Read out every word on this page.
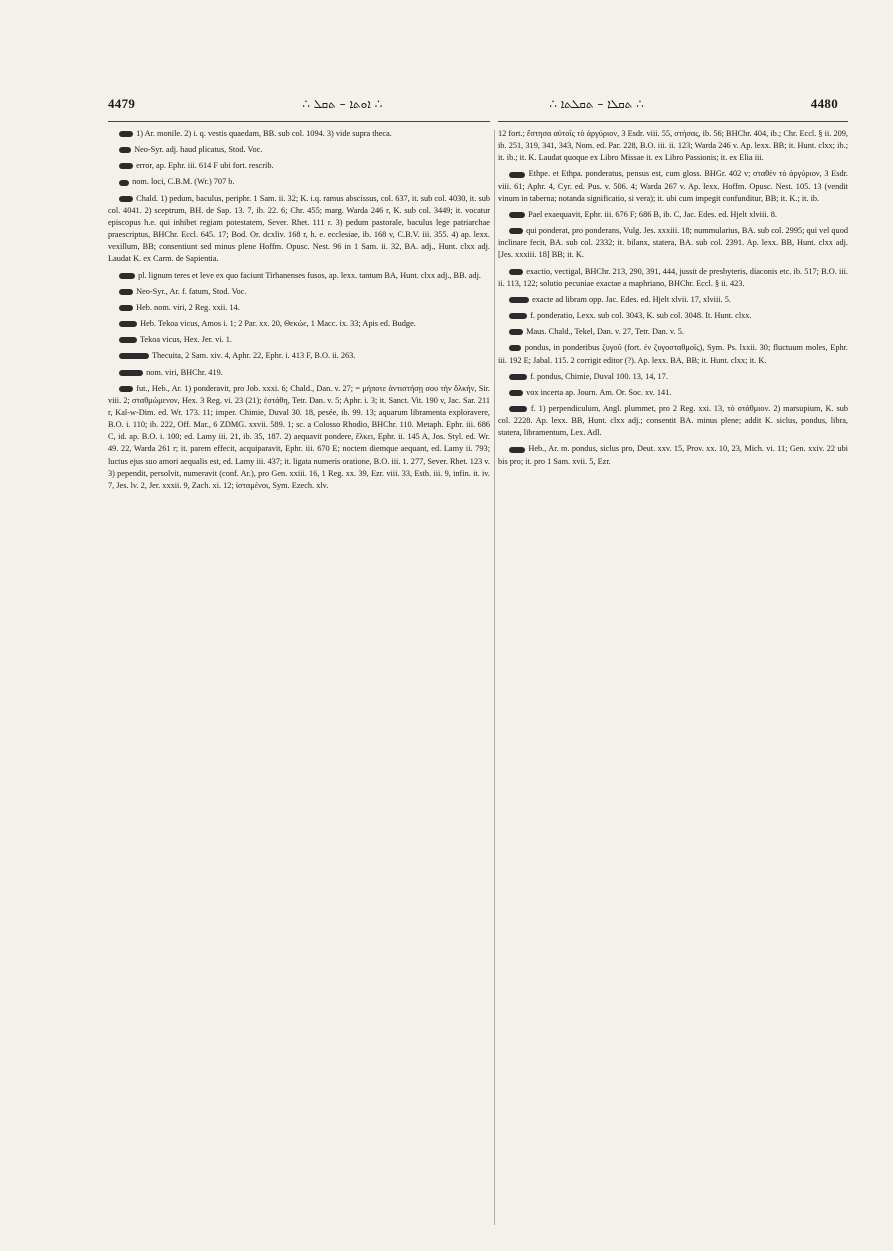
4479	∴ ܐܘܬܐ – ܬܩܠ ∴	∴ ܬܩܠܐ – ܬܩܠܬܐ ∴	4480

1) Ar. monile. 2) i. q. vestis quaedam, BB. sub col. 1094. 3) vide supra theca.

Neo-Syr. adj. haud plicatus, Stod. Voc.

error, ap. Ephr. iii. 614 F ubi fort. rescrib.

nom. loci, C.B.M. (Wr.) 707 b.

Chald. 1) pedum, baculus, periphr. 1 Sam. ii. 32; K. i.q. ramus abscissus, col. 637, it. sub col. 4030, it. sub col. 4041. 2) sceptrum, BH. de Sap. 13. 7, ib. 22. 6; Chr. 455; marg. Warda 246 r, K. sub col. 3449; it. vocatur episcopus h.e. qui inhibet regiam potestatem, Sever. Rhet. 111 r. 3) pedum pastorale, baculus lege patriarchae praescriptus, BHChr. Eccl. 645. 17; Bod. Or. dcxliv. 168 r, h. e. ecclesiae, ib. 168 v, C.B.V. iii. 355. 4) ap. lexx. vexillum, BB; consentiunt sed minus plene Hoffm. Opusc. Nest. 96 in 1 Sam. ii. 32, BA. adj., Hunt. clxx adj. Laudat K. ex Carm. de Sapientia.

pl. lignum teres et leve ex quo faciunt Tirhanenses fusos, ap. lexx. tantum BA, Hunt. clxx adj., BB. adj.

Neo-Syr., Ar. f. fatum, Stod. Voc.

Heb. nom. viri, 2 Reg. xxii. 14.

Heb. Tekoa vicus, Amos i. 1; 2 Par. xx. 20, Θεκώε, 1 Macc. ix. 33; Apis ed. Budge.

Tekoa vicus, Hex. Jer. vi. 1.

Thecuita, 2 Sam. xiv. 4, Aphr. 22, Ephr. i. 413 F, B.O. ii. 263.

nom. viri, BHChr. 419.

fut., Heb., Ar. 1) ponderavit, pro Job. xxxi. 6; Chald., Dan. v. 27; = μήποτε ἀντιστήσῃ σου τὴν ὅλκήν, Sir. viii. 2; σταθμώμενον, Hex. 3 Reg. vi. 23 (21); ἐστάθη, Tetr. Dan. v. 5; Aphr. i. 3; it. Sanct. Vit. 190 v, Jac. Sar. 211 r, Kal-w-Dim. ed. Wr. 173. 11; imper. Chimie, Duval 30. 18, pesée, ib. 99. 13; aquarum libramenta exploravere, B.O. i. 110; ib. 222, Off. Mar., 6 ZDMG. xxvii. 589. 1; sc. a Colosso Rhodio, BHChr. 110. Metaph. Ephr. iii. 686 C, id. ap. B.O. i. 100; ed. Lamy iii. 21, ib. 35, 187. 2) aequavit pondere, ἕλκει, Ephr. ii. 145 A, Jos. Styl. ed. Wr. 49. 22, Warda 261 r; it. parem effecit, acquiparavit, Ephr. iii. 670 E; noctem diemque aequant, ed. Lamy ii. 793; luctus ejus suo amori aequalis est, ed. Lamy iii. 437; it. ligata numeris oratione, B.O. iii. 1. 277, Sever. Rhet. 123 v. 3) pependit, persolvit, numeravit (conf. Ar.), pro Gen. xxiii. 16, 1 Reg. xx. 39, Ezr. viii. 33, Esth. iii. 9, infin. it. iv. 7, Jes. lv. 2, Jer. xxxii. 9, Zach. xi. 12; ἱσταμένοι, Sym. Ezech. xlv.

12 fort.; ἔστησα αὐτοῖς τὸ ἀργύριον, 3 Esdr. viii. 55, στήσας, ib. 56; BHChr. 404, ib.; Chr. Eccl. § ii. 209, ib. 251, 319, 341, 343, Nom. ed. Par. 228, B.O. iii. ii. 123; Warda 246 v. Ap. lexx. BB; it. Hunt. clxx; ib.; it. ib.; it. K. Laudat quoque ex Libro Missae it. ex Libro Passionis; it. ex Elia iii.

Ethpe. et Ethpa. ponderatus, pensus est, cum gloss. BHGr. 402 v; σταθὲν τὸ ἀργύριον, 3 Esdr. viii. 61; Aphr. 4, Cyr. ed. Pus. v. 506. 4; Warda 267 v. Ap. lexx. Hoffm. Opusc. Nest. 105. 13 (vendit vinum in taberna; notanda significatio, si vera); it. ubi cum impegit confunditur, BB; it. K.; it. ib.

Pael exaequavit, Ephr. iii. 676 F; 686 B, ib. C, Jac. Edes. ed. Hjelt xlviii. 8.

qui ponderat, pro ponderans, Vulg. Jes. xxxiii. 18; nummularius, BA. sub col. 2995; qui vel quod inclinare fecit, BA. sub col. 2332; it. bilanx, statera, BA. sub col. 2391. Ap. lexx. BB, Hunt. clxx adj. [Jes. xxxiii. 18] BB; it. K.

exactio, vectigal, BHChr. 213, 290, 391, 444, jussit de presbyteris, diaconis etc. ib. 517; B.O. iii. ii. 113, 122; solutio pecuniae exactae a maphriano, BHChr. Eccl. § ii. 423.

exacte ad libram opp. Jac. Edes. ed. Hjelt xlvii. 17, xlviii. 5.

f. ponderatio, Lexx. sub col. 3043, K. sub col. 3048. It. Hunt. clxx.

Maus. Chald., Tekel, Dan. v. 27, Tetr. Dan. v. 5.

pondus, in ponderibus ζυγοῦ (fort. ἐν ζυγοσταθμοῖς), Sym. Ps. lxxii. 30; fluctuum moles, Ephr. iii. 192 E; Jabal. 115. 2 corrigit editor (?). Ap. lexx. BA, BB; it. Hunt. clxx; it. K.

f. pondus, Chimie, Duval 100. 13, 14, 17.

vox incerta ap. Journ. Am. Or. Soc. xv. 141.

f. 1) perpendiculum, Angl. plummet, pro 2 Reg. xxi. 13, τὸ στάθμιον. 2) marsupium, K. sub col. 2228. Ap. lexx. BB, Hunt. clxx adj.; consentit BA. minus plene; addit K. siclus, pondus, libra, statera, libramentum, Lex. Adl.

Heb., Ar. m. pondus, siclus pro, Deut. xxv. 15, Prov. xx. 10, 23, Mich. vi. 11; Gen. xxiv. 22 ubi bis pro; it. pro 1 Sam. xvii. 5, Ezr.
